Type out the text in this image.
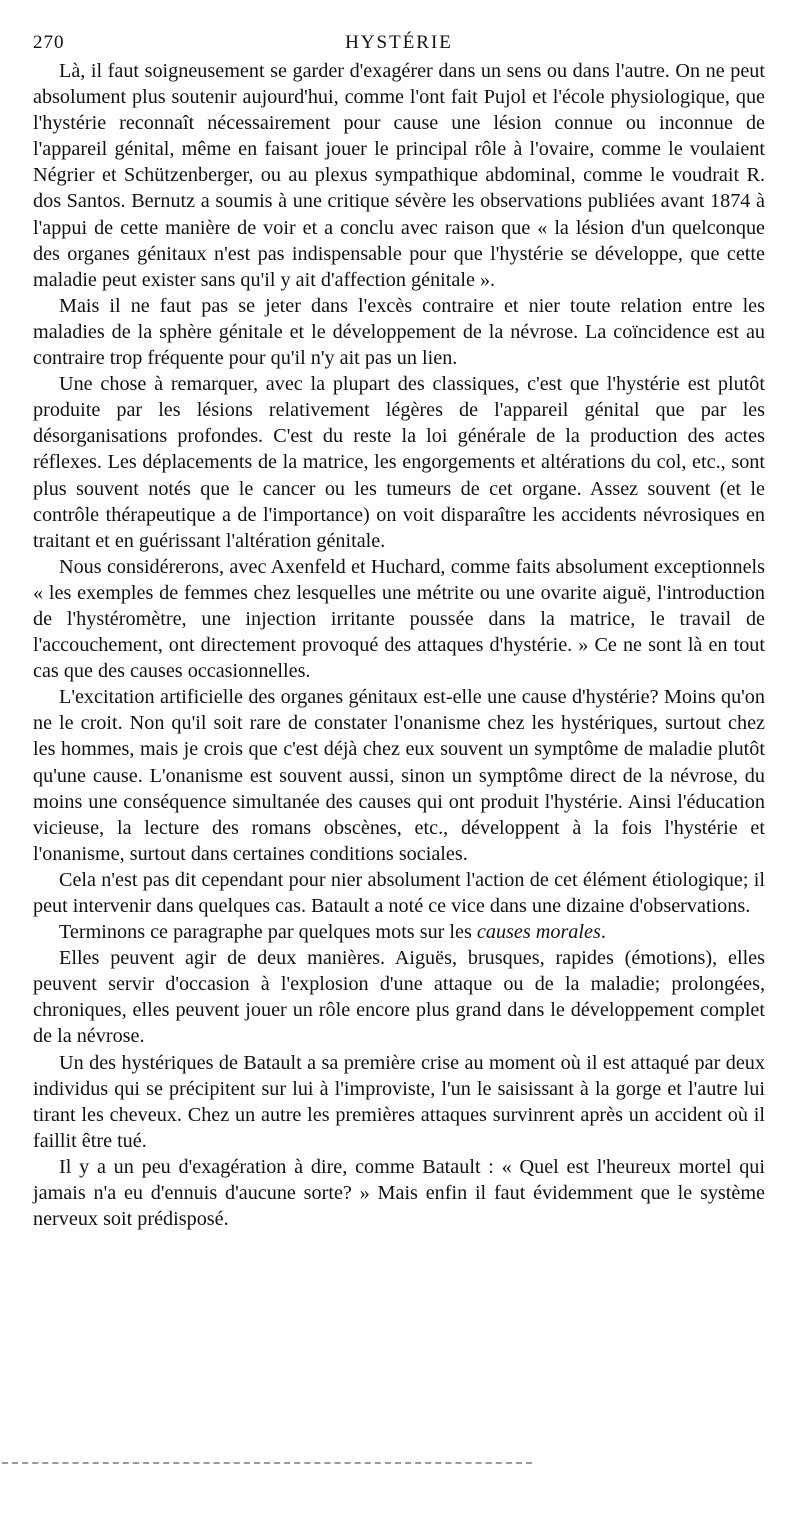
270	HYSTÉRIE

Là, il faut soigneusement se garder d'exagérer dans un sens ou dans l'autre. On ne peut absolument plus soutenir aujourd'hui, comme l'ont fait Pujol et l'école physiologique, que l'hystérie reconnaît nécessairement pour cause une lésion connue ou inconnue de l'appareil génital, même en faisant jouer le principal rôle à l'ovaire, comme le voulaient Négrier et Schützenberger, ou au plexus sympathique abdominal, comme le voudrait R. dos Santos. Bernutz a soumis à une critique sévère les observations publiées avant 1874 à l'appui de cette manière de voir et a conclu avec raison que « la lésion d'un quelconque des organes génitaux n'est pas indispensable pour que l'hystérie se développe, que cette maladie peut exister sans qu'il y ait d'affection génitale ».

Mais il ne faut pas se jeter dans l'excès contraire et nier toute relation entre les maladies de la sphère génitale et le développement de la névrose. La coïncidence est au contraire trop fréquente pour qu'il n'y ait pas un lien.

Une chose à remarquer, avec la plupart des classiques, c'est que l'hystérie est plutôt produite par les lésions relativement légères de l'appareil génital que par les désorganisations profondes. C'est du reste la loi générale de la production des actes réflexes. Les déplacements de la matrice, les engorgements et altérations du col, etc., sont plus souvent notés que le cancer ou les tumeurs de cet organe. Assez souvent (et le contrôle thérapeutique a de l'importance) on voit disparaître les accidents névrosiques en traitant et en guérissant l'altération génitale.

Nous considérerons, avec Axenfeld et Huchard, comme faits absolument exceptionnels « les exemples de femmes chez lesquelles une métrite ou une ovarite aiguë, l'introduction de l'hystéromètre, une injection irritante poussée dans la matrice, le travail de l'accouchement, ont directement provoqué des attaques d'hystérie. » Ce ne sont là en tout cas que des causes occasionnelles.

L'excitation artificielle des organes génitaux est-elle une cause d'hystérie? Moins qu'on ne le croit. Non qu'il soit rare de constater l'onanisme chez les hystériques, surtout chez les hommes, mais je crois que c'est déjà chez eux souvent un symptôme de maladie plutôt qu'une cause. L'onanisme est souvent aussi, sinon un symptôme direct de la névrose, du moins une conséquence simultanée des causes qui ont produit l'hystérie. Ainsi l'éducation vicieuse, la lecture des romans obscènes, etc., développent à la fois l'hystérie et l'onanisme, surtout dans certaines conditions sociales.

Cela n'est pas dit cependant pour nier absolument l'action de cet élément étiologique; il peut intervenir dans quelques cas. Batault a noté ce vice dans une dizaine d'observations.

Terminons ce paragraphe par quelques mots sur les causes morales.

Elles peuvent agir de deux manières. Aiguës, brusques, rapides (émotions), elles peuvent servir d'occasion à l'explosion d'une attaque ou de la maladie; prolongées, chroniques, elles peuvent jouer un rôle encore plus grand dans le développement complet de la névrose.

Un des hystériques de Batault a sa première crise au moment où il est attaqué par deux individus qui se précipitent sur lui à l'improviste, l'un le saisissant à la gorge et l'autre lui tirant les cheveux. Chez un autre les premières attaques survinrent après un accident où il faillit être tué.

Il y a un peu d'exagération à dire, comme Batault : « Quel est l'heureux mortel qui jamais n'a eu d'ennuis d'aucune sorte? » Mais enfin il faut évidemment que le système nerveux soit prédisposé.
